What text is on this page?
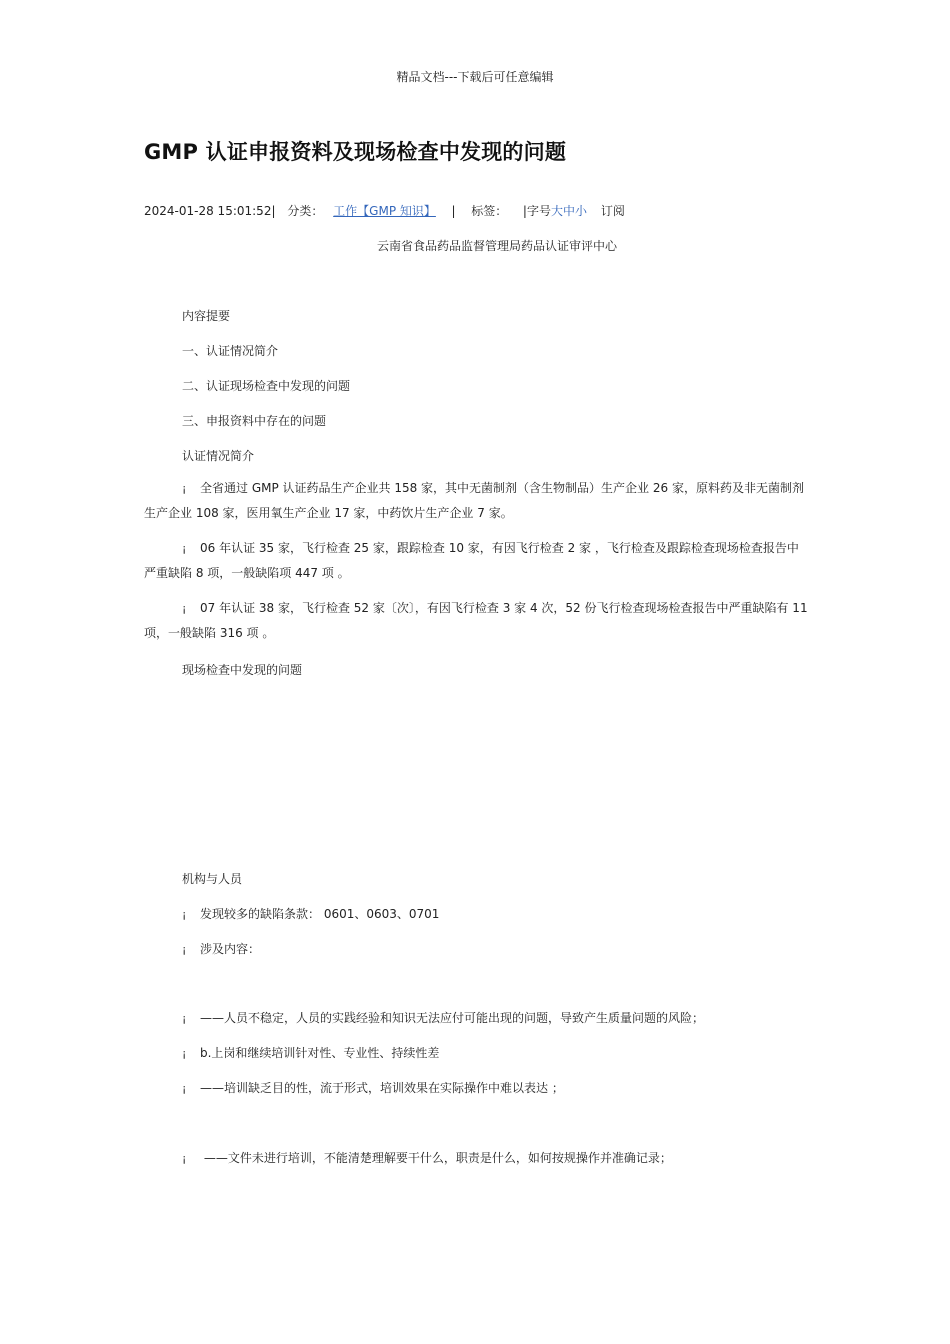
精品文档---下载后可任意编辑
GMP 认证申报资料及现场检查中发现的问题
2024-01-28 15:01:52| 分类： 工作【GMP 知识】 | 标签： |字号大中小 订阅
云南省食品药品监督管理局药品认证审评中心
内容提要
一、认证情况简介
二、认证现场检查中发现的问题
三、申报资料中存在的问题
认证情况简介
¡ 全省通过 GMP 认证药品生产企业共 158 家，其中无菌制剂（含生物制品）生产企业 26 家，原料药及非无菌制剂生产企业 108 家，医用氧生产企业 17 家，中药饮片生产企业 7 家。
¡ 06 年认证 35 家，飞行检查 25 家，跟踪检查 10 家，有因飞行检查 2 家 ，飞行检查及跟踪检查现场检查报告中严重缺陷 8 项，一般缺陷项 447 项 。
¡ 07 年认证 38 家，飞行检查 52 家〔次〕，有因飞行检查 3 家 4 次，52 份飞行检查现场检查报告中严重缺陷有 11 项，一般缺陷 316 项 。
现场检查中发现的问题
机构与人员
¡ 发现较多的缺陷条款： 0601、0603、0701
¡ 涉及内容：
¡ ——人员不稳定，人员的实践经验和知识无法应付可能出现的问题，导致产生质量问题的风险；
¡ b.上岗和继续培训针对性、专业性、持续性差
¡ ——培训缺乏目的性，流于形式，培训效果在实际操作中难以表达 ；
¡ ——文件未进行培训，不能清楚理解要干什么，职责是什么，如何按规操作并准确记录；
